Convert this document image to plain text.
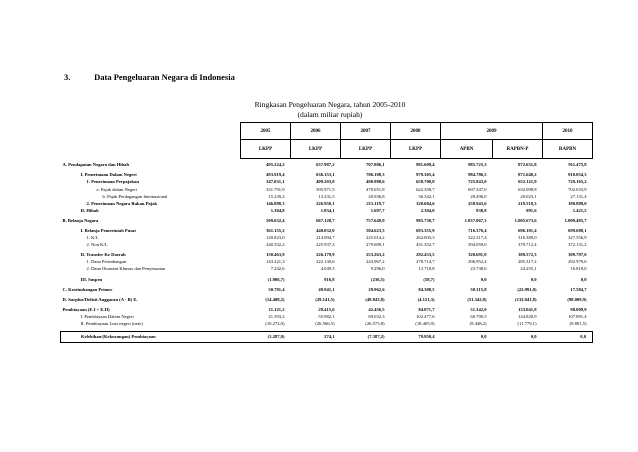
3.	Data Pengeluaran Negara di Indonesia
Ringkasan Pengeluaran Negara, tahun 2005-2010
(dalam miliar rupiah)
	2005	2006	2007	2008	2009		2010
	LKPP	LKPP	LKPP	LKPP	APBN	RAPBN-P	RAPBN

A. Pendapatan Negara dan Hibah	495.224,2	637.987,2	707.806,1	981.609,4	985.725,3	872.631,8	911.475,8

I. Penerimaan Dalam Negeri	493.919,4	636.153,1	706.108,3	979.305,4	984.786,5	871.640,2	910.054,3
1. Penerimaan Perpajakan	347.031,1	409.203,0	490.988,6	658.700,8	725.843,0	652.121,9	729.165,2
a. Pajak dalam Negeri	331.791,9	395.971,5	470.051,8	622.358,7	697.347,0	632.098,8	702.033,9
b. Pajak Perdagangan Internasional	15.239,2	13.231,5	20.936,8	36.342,1	28.496,0	20.023,1	27.131,4
2. Penerimaan Negara Bukan Pajak	146.888,3	226.950,1	215.119,7	320.604,6	258.943,6	219.518,3	180.889,0
II. Hibah	1.304,8	1.834,1	1.697,7	2.304,0	938,8	991,6	1.421,5

B. Belanja Negara	509.632,4	667.128,7	757.649,9	985.730,7	1.037.067,3	1.005.673,6	1.009.485,7

I. Belanja Pemerintah Pusat	361.155,2	440.032,0	504.623,3	693.355,9	716.376,4	696.101,4	699.688,1
1. K/L	120.823,0	214.094,7	225.014,2	262.003,3	322.317,4	316.389,0	327.556,9
2. Non K/L	240.332,2	225.937,3	279.609,1	431.352,7	394.059,0	379.712,4	372.131,2

II. Transfer Ke Daerah	150.463,9	226.179,9	253.263,2	292.433,5	320.691,0	309.572,3	309.797,6
1. Dana Perimbangan	143.221,3	222.130,6	243.967,2	278.714,7	296.952,4	285.317,2	292.979,6
2. Dana Otonomi Khusus dan Penyesuaian	7.242,6	4.049,3	9.296,0	13.718,8	23.738,6	24.255,1	16.818,0

III. Suspen	(1.986,7)	916,8	(236,5)	(58,7)	0,0	0,0	0,0

C. Keseimbangan Primer	50.791,4	49.941,1	29.962,6	84.308,5	50.315,8	(22.991,0)	17.584,7

D. Surplus/Defisit Anggaran (A - B) E.	(14.408,2)	(29.141,5)	(49.843,8)	(4.121,3)	(51.342,0)	(133.041,8)	(98.009,9)

Pembiayaan (E.I + E.II)	11.121,2	29.415,6	42.456,5	84.071,7	51.342,0	133.041,8	98.009,9
I. Pembiayaan Dalam Negeri	21.393,2	55.982,1	69.032,3	102.477,6	60.790,5	144.820,9	107.891,4
II. Pembiayaan Luar negeri (neto)	(10.272,0)	(26.566,5)	(26.575,8)	(18.405,9)	(9.448,2)	(11.779,1)	(9.881,5)

Kelebihan/(Kekurangan) Pembiayaan	(3.287,0)	274,1	(7.387,2)	79.950,4	0,0	0,0	0,0
